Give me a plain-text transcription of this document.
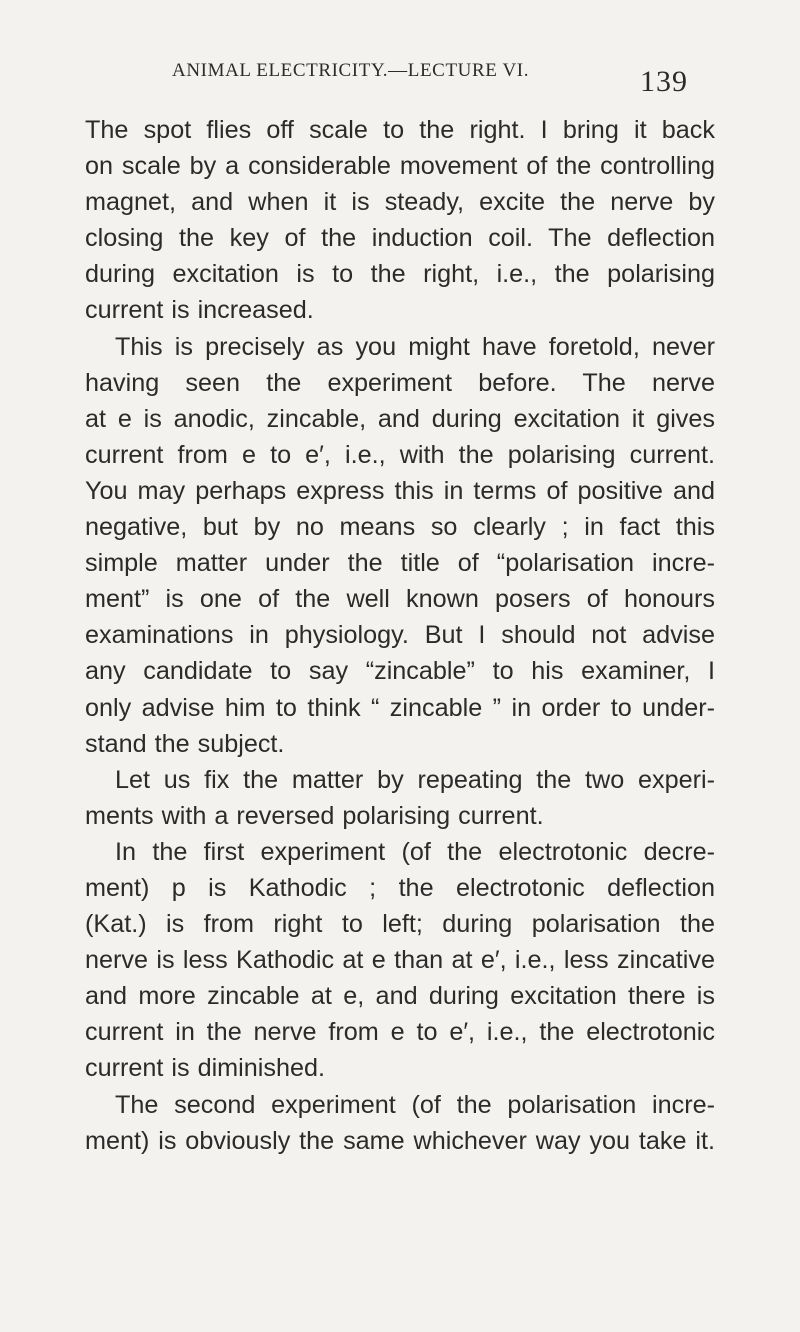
ANIMAL ELECTRICITY.—LECTURE VI.	139
The spot flies off scale to the right. I bring it back
on scale by a considerable movement of the controlling
magnet, and when it is steady, excite the nerve by
closing the key of the induction coil. The deflection
during excitation is to the right, i.e., the polarising
current is increased.
This is precisely as you might have foretold, never
having seen the experiment before. The nerve
at e is anodic, zincable, and during excitation it gives
current from e to e′, i.e., with the polarising current.
You may perhaps express this in terms of positive and
negative, but by no means so clearly ; in fact this
simple matter under the title of “polarisation incre-
ment” is one of the well known posers of honours
examinations in physiology. But I should not advise
any candidate to say “zincable” to his examiner, I
only advise him to think “ zincable ” in order to under-
stand the subject.
Let us fix the matter by repeating the two experi-
ments with a reversed polarising current.
In the first experiment (of the electrotonic decre-
ment) p is Kathodic ; the electrotonic deflection
(Kat.) is from right to left; during polarisation the
nerve is less Kathodic at e than at e′, i.e., less zincative
and more zincable at e, and during excitation there is
current in the nerve from e to e′, i.e., the electrotonic
current is diminished.
The second experiment (of the polarisation incre-
ment) is obviously the same whichever way you take it.
